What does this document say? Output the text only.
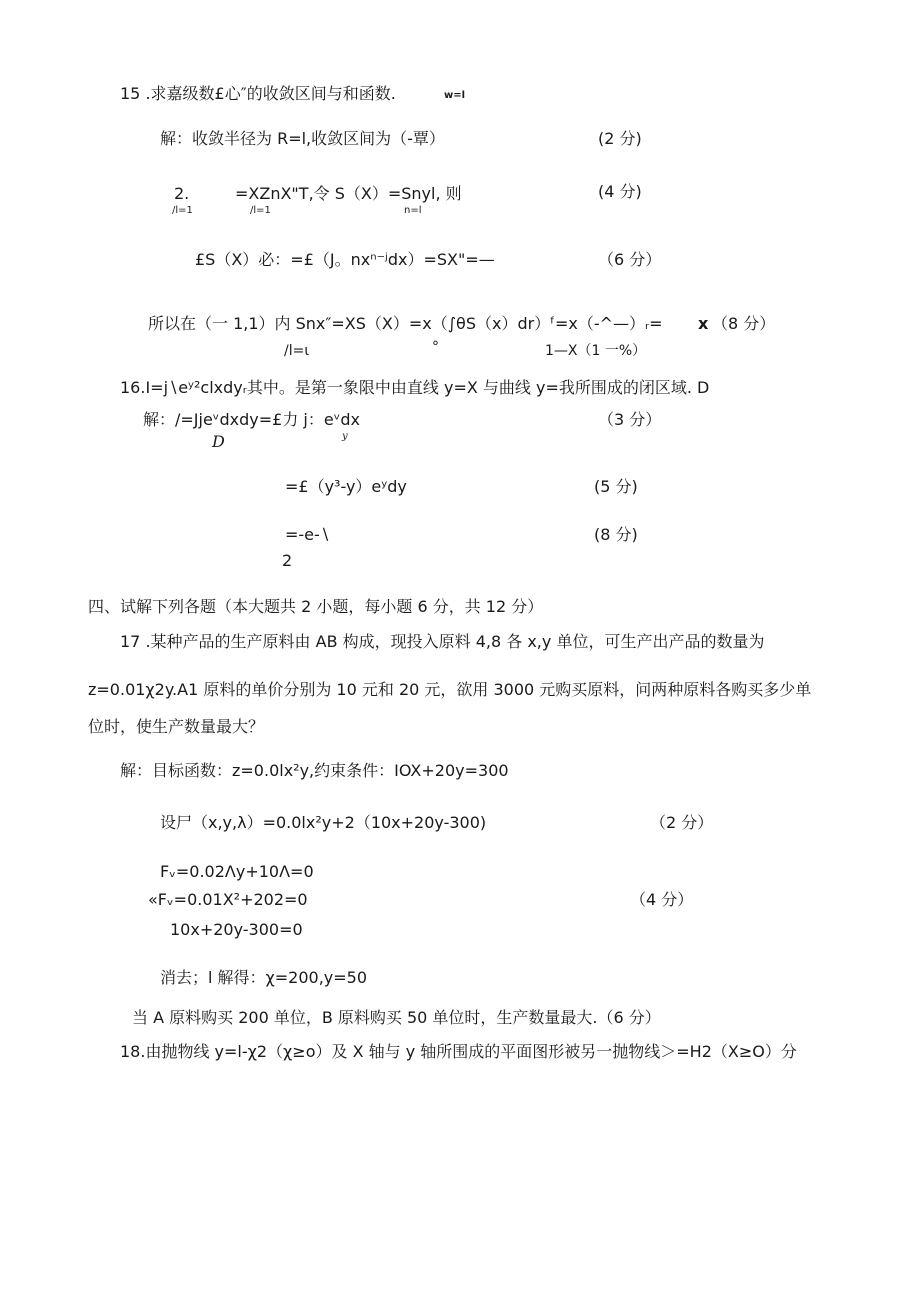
15 .求嘉级数£心″的收敛区间与和函数.	w=l
解：收敛半径为 R=l,收敛区间为（-覃）	(2 分)
2.
/l=1
=XZnX"T,令 S（X）=Snyl, 则
/l=1	n=l
(4 分)
£S（X）必：=£（J。nxⁿ⁻ʲdx）=SX"=—	（6 分）
所以在（一 1,1）内 Snx″=XS（X）=x（∫θS（x）dr）ᶠ=x（-^—）ᵣ= x （8 分）
/l=ι	°	1—X（1 一%）
16.I=j∖eʸ²clxdyᵣ其中。是第一象限中由直线 y=X 与曲线 y=我所围成的闭区域. D
解：/=Jjeᵛdxdy=£力 j：eᵛdx
y
D
（3 分）
=£（y³-y）eʸdy	(5 分)
=-e-∖
2
(8 分)
四、试解下列各题（本大题共 2 小题，每小题 6 分，共 12 分）
17 .某种产品的生产原料由 AB 构成，现投入原料 4,8 各 x,y 单位，可生产出产品的数量为
z=0.01χ2y.A1 原料的单价分别为 10 元和 20 元，欲用 3000 元购买原料，问两种原料各购买多少单
位时，使生产数量最大？
解：目标函数：z=0.0lx²y,约束条件：IOX+20y=300
设尸（x,y,λ）=0.0lx²y+2（10x+20y-300)	（2 分）
Fᵥ=0.02Λy+10Λ=0
«Fᵥ=0.01X²+202=0
10x+20y-300=0
（4 分）
消去；l 解得：χ=200,y=50
当 A 原料购买 200 单位，B 原料购买 50 单位时，生产数量最大.（6 分）
18.由抛物线 y=l-χ2（χ≥o）及 X 轴与 y 轴所围成的平面图形被另一抛物线＞=H2（X≥O）分
